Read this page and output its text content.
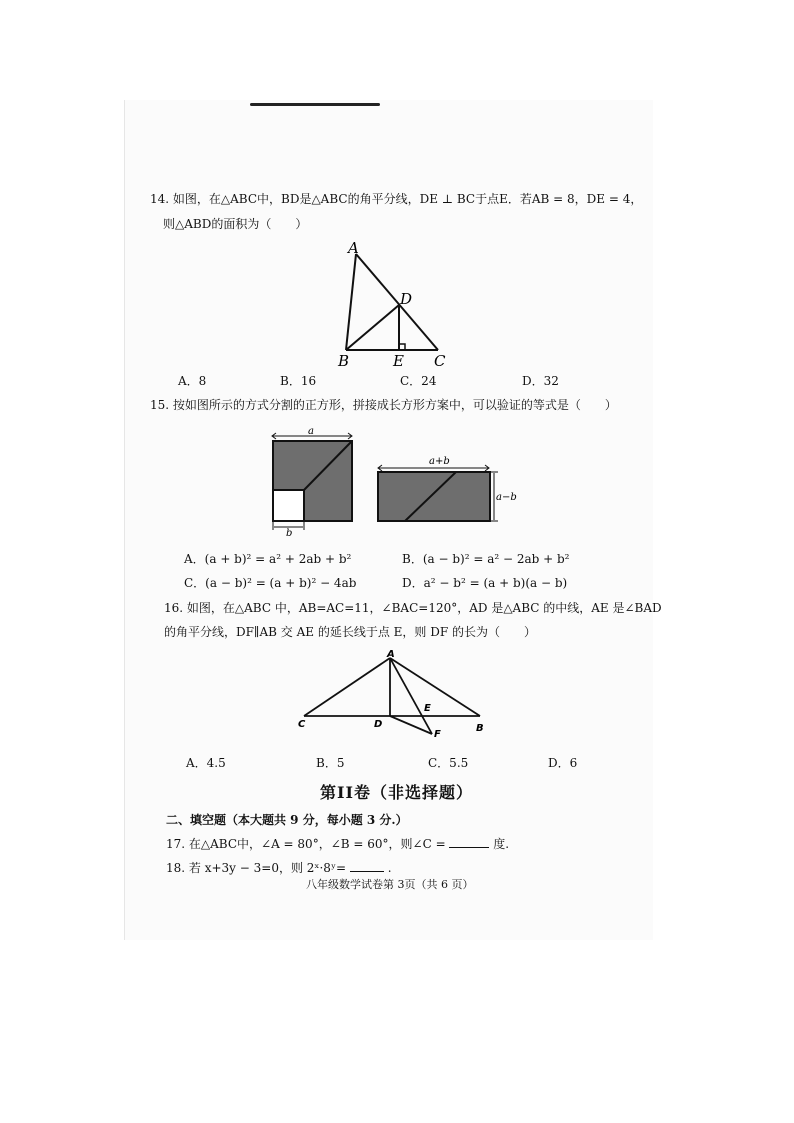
14. 如图，在△ABC中，BD是△ABC的角平分线，DE ⊥ BC于点E．若AB = 8，DE = 4，
则△ABD的面积为（　　）
A
D
B	E C
A．8	B．16	C．24	D．32
15. 按如图所示的方式分割的正方形，拼接成长方形方案中，可以验证的等式是（　　）
a
b
a+b
a−b
A．(a + b)² = a² + 2ab + b²	B．(a − b)² = a² − 2ab + b²
C．(a − b)² = (a + b)² − 4ab	D．a² − b² = (a + b)(a − b)
16. 如图，在△ABC 中，AB=AC=11，∠BAC=120°，AD 是△ABC 的中线，AE 是∠BAD
的角平分线，DF∥AB 交 AE 的延长线于点 E，则 DF 的长为（　　）
A
C	D
E
F
B
A．4.5	B．5	C．5.5	D．6
第II卷（非选择题）
二、填空题（本大题共 9 分，每小题 3 分.）
17. 在△ABC中，∠A = 80°，∠B = 60°，则∠C =	度.
18. 若 x+3y − 3=0，则 2ˣ·8ʸ=	.
八年级数学试卷第 3页（共 6 页）
